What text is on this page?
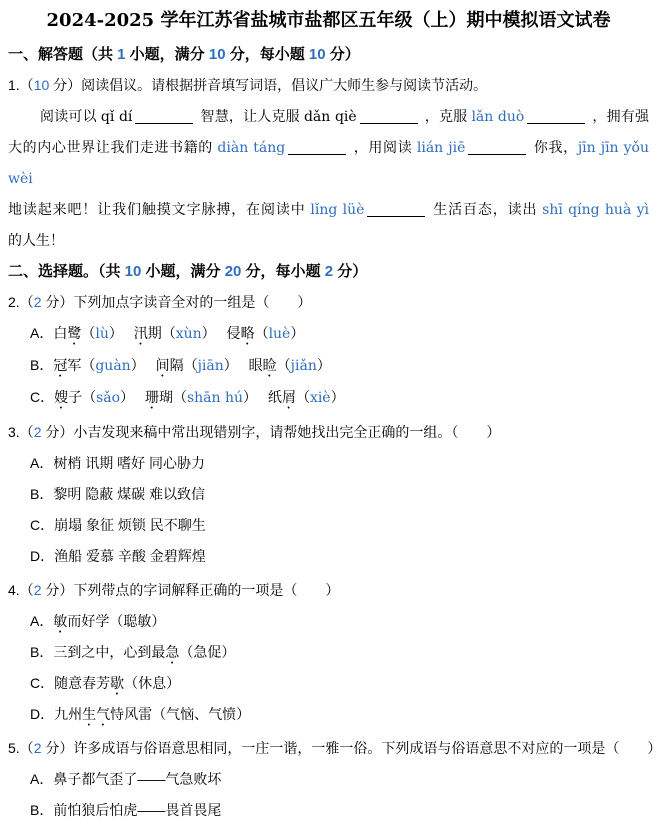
2024-2025 学年江苏省盐城市盐都区五年级（上）期中模拟语文试卷
一、解答题（共 1 小题，满分 10 分，每小题 10 分）
1.（10 分）阅读倡议。请根据拼音填写词语，倡议广大师生参与阅读节活动。
阅读可以 qǐ dí	智慧，让人克服 dǎn qiè	，克服 lǎn duò	，拥有强
大的内心世界让我们走进书籍的 diàn táng	，用阅读 lián jiē	你我，jīn jīn yǒu wèi
地读起来吧！让我们触摸文字脉搏，在阅读中 lǐng lüè	生活百态，读出 shī qíng huà yì
的人生！
二、选择题。（共 10 小题，满分 20 分，每小题 2 分）
2.（2 分）下列加点字读音全对的一组是（　　）
A．白鹭（lù）　 汛期（xùn）　 侵略（luè）
B．冠军（guàn）　 间隔（jiān）　 眼睑（jiǎn）
C．嫂子（sǎo）　 珊瑚（shān hú）　 纸屑（xiè）
3.（2 分）小吉发现来稿中常出现错别字，请帮她找出完全正确的一组。（　　）
A．树梢 讯期 嗜好 同心胁力
B．黎明 隐蔽 煤碳 难以致信
C．崩塌 象征 烦锁 民不聊生
D．渔船 爱慕 辛酸 金碧辉煌
4.（2 分）下列带点的字词解释正确的一项是（　　）
A．敏而好学（聪敏）
B．三到之中，心到最急（急促）
C．随意春芳歇（休息）
D．九州生气恃风雷（气恼、气愤）
5.（2 分）许多成语与俗语意思相同，一庄一谐，一雅一俗。下列成语与俗语意思不对应的一项是（　　）
A．鼻子都气歪了——气急败坏
B．前怕狼后怕虎——畏首畏尾
